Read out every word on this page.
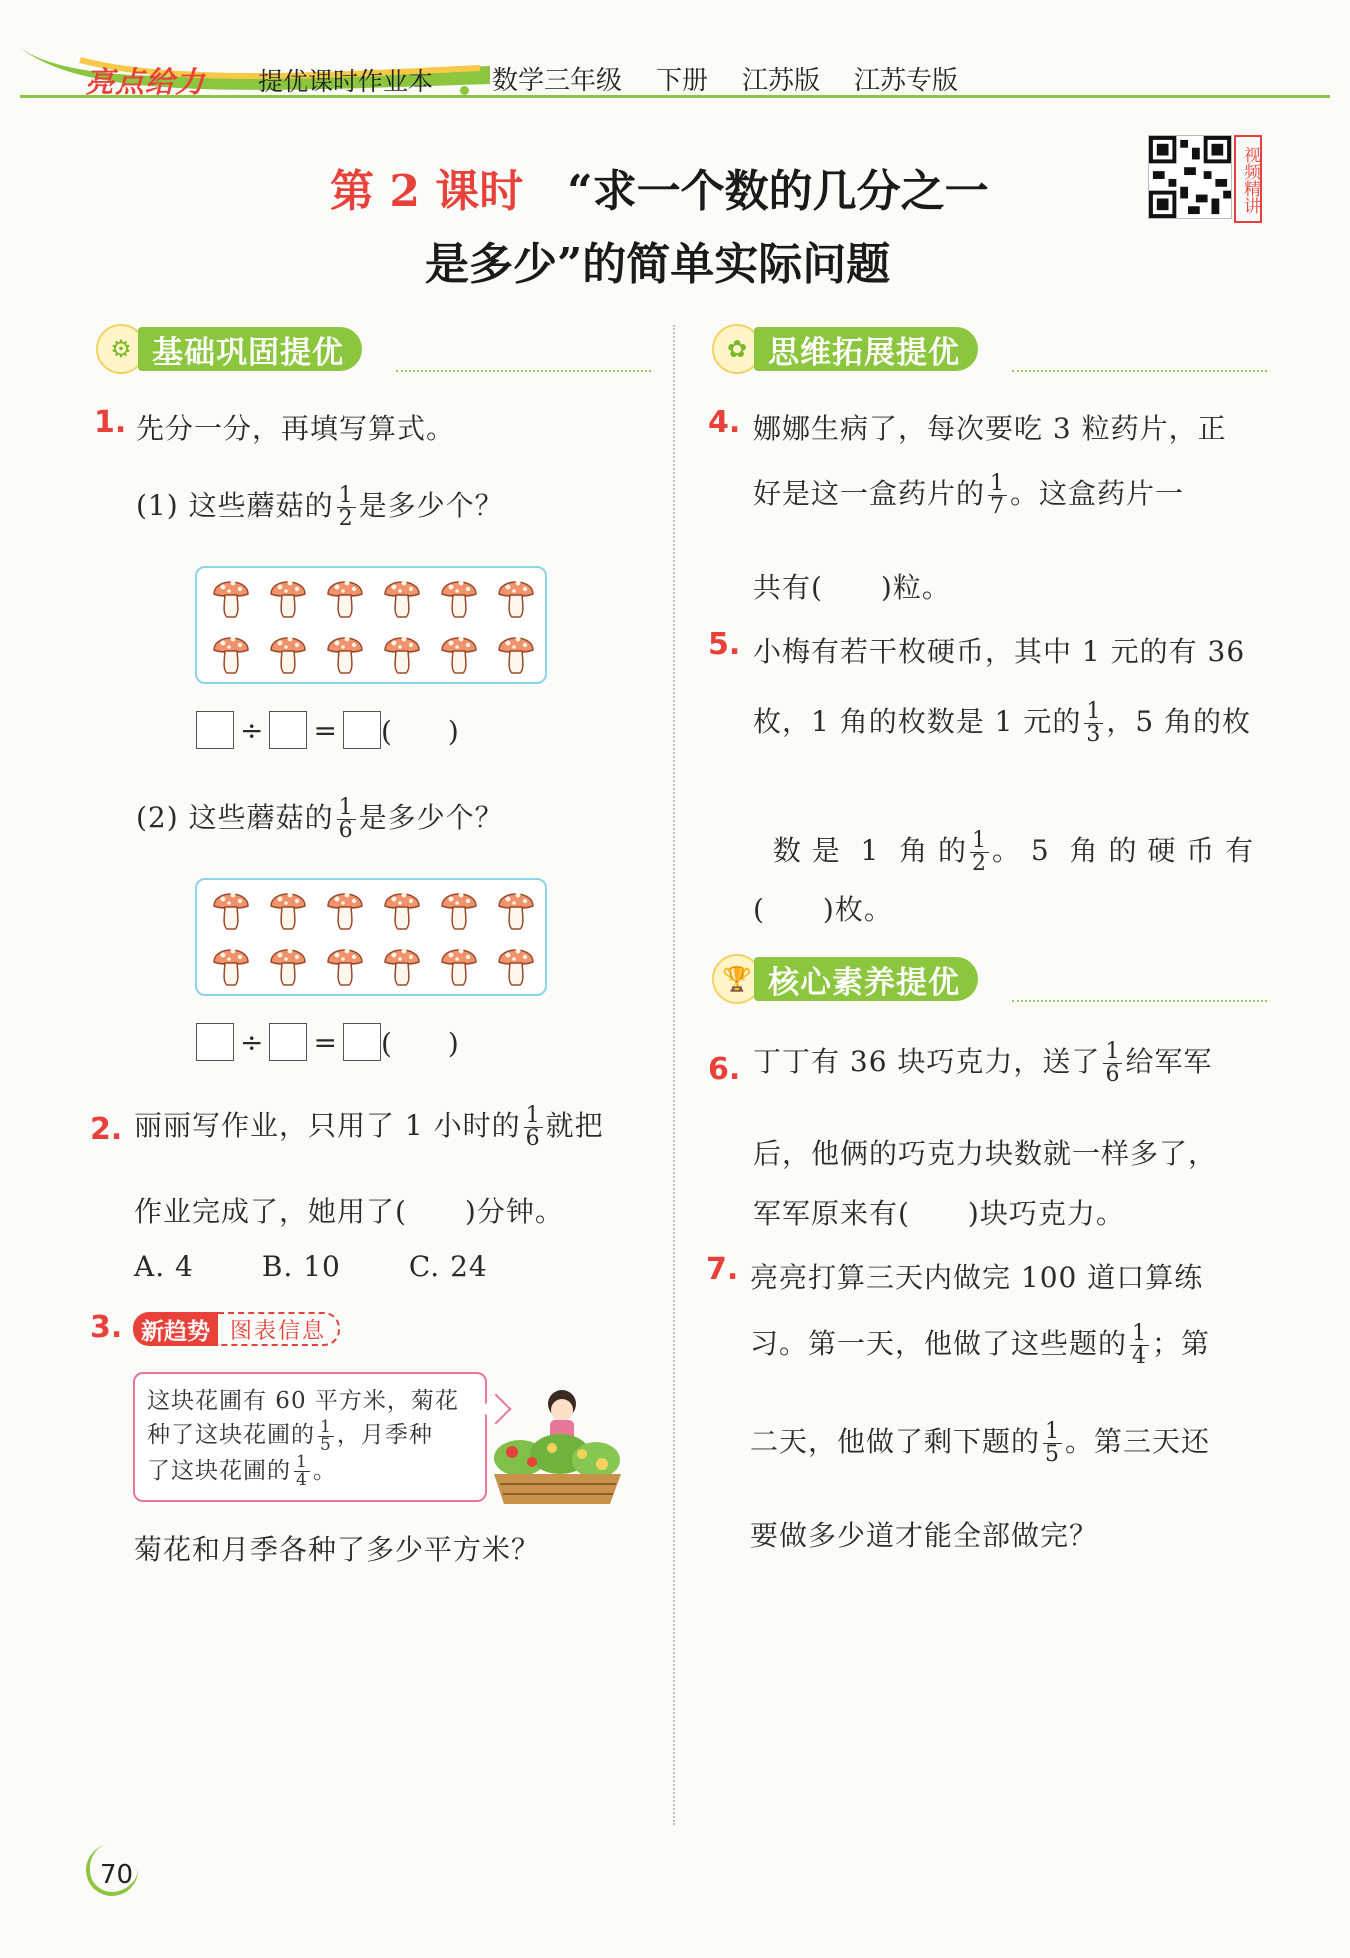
亮点给力 提优课时作业本 数学三年级 下册 江苏版 江苏专版
第 2 课时　 “求一个数的几分之一
是多少”的简单实际问题
视频精讲
⚙ 基础巩固提优
1. 先分一分，再填写算式。
(1) 这些蘑菇的 $\frac{1}{2}$ 是多少个？
÷ = (　　)
(2) 这些蘑菇的 $\frac{1}{6}$ 是多少个？
÷ = (　　)
2. 丽丽写作业，只用了 1 小时的 $\frac{1}{6}$ 就把
作业完成了，她用了(　　)分钟。
A. 4 B. 10 C. 24
3. 新趋势 图表信息
这块花圃有 60 平方米，菊花
种了这块花圃的 $\frac{1}{5}$ ，月季种
了这块花圃的 $\frac{1}{4}$ 。
菊花和月季各种了多少平方米？
✿ 思维拓展提优
4. 娜娜生病了，每次要吃 3 粒药片，正
好是这一盒药片的 $\frac{1}{7}$ 。这盒药片一
共有(　　)粒。
5. 小梅有若干枚硬币，其中 1 元的有 36
枚，1 角的枚数是 1 元的 $\frac{1}{3}$ ，5 角的枚

数 是  1  角 的 $\frac{1}{2}$ 。 5  角 的 硬 币 有

(　　)枚。
🏆 核心素养提优
6. 丁丁有 36 块巧克力，送了 $\frac{1}{6}$ 给军军
后，他俩的巧克力块数就一样多了，
军军原来有(　　)块巧克力。
7. 亮亮打算三天内做完 100 道口算练
习。第一天，他做了这些题的 $\frac{1}{4}$ ；第
二天，他做了剩下题的 $\frac{1}{5}$ 。第三天还
要做多少道才能全部做完？
70
